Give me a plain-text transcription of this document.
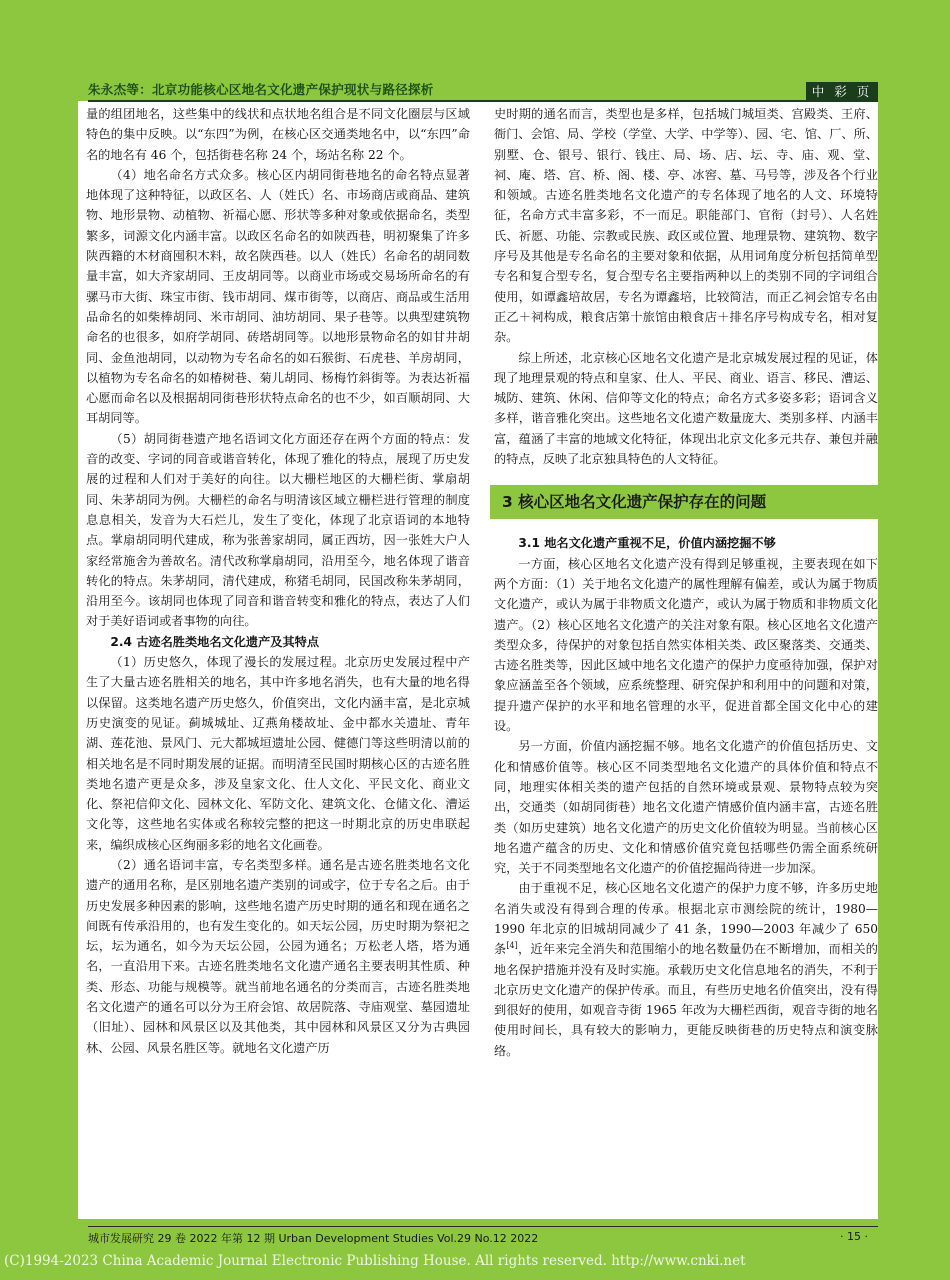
朱永杰等：北京功能核心区地名文化遗产保护现状与路径探析	中 彩 页

量的组团地名，这些集中的线状和点状地名组合是不同文化圈层与区域特色的集中反映。以“东四”为例，在核心区交通类地名中，以“东四”命名的地名有 46 个，包括街巷名称 24 个，场站名称 22 个。

（4）地名命名方式众多。核心区内胡同街巷地名的命名特点显著地体现了这种特征，以政区名、人（姓氏）名、市场商店或商品、建筑物、地形景物、动植物、祈福心愿、形状等多种对象或依据命名，类型繁多，词源文化内涵丰富。以政区名命名的如陕西巷，明初聚集了许多陕西籍的木材商囤积木料，故名陕西巷。以人（姓氏）名命名的胡同数量丰富，如大齐家胡同、王皮胡同等。以商业市场或交易场所命名的有骡马市大街、珠宝市街、钱市胡同、煤市街等，以商店、商品或生活用品命名的如柴棒胡同、米市胡同、油坊胡同、果子巷等。以典型建筑物命名的也很多，如府学胡同、砖塔胡同等。以地形景物命名的如甘井胡同、金鱼池胡同，以动物为专名命名的如石猴街、石虎巷、羊房胡同，以植物为专名命名的如椿树巷、菊儿胡同、杨梅竹斜街等。为表达祈福心愿而命名以及根据胡同街巷形状特点命名的也不少，如百顺胡同、大耳胡同等。

（5）胡同街巷遗产地名语词文化方面还存在两个方面的特点：发音的改变、字词的同音或谐音转化，体现了雅化的特点，展现了历史发展的过程和人们对于美好的向往。以大栅栏地区的大栅栏街、掌扇胡同、朱茅胡同为例。大栅栏的命名与明清该区域立栅栏进行管理的制度息息相关，发音为大石烂儿，发生了变化，体现了北京语词的本地特点。掌扇胡同明代建成，称为张善家胡同，属正西坊，因一张姓大户人家经常施舍为善故名。清代改称掌扇胡同，沿用至今，地名体现了谐音转化的特点。朱茅胡同，清代建成，称猪毛胡同，民国改称朱茅胡同，沿用至今。该胡同也体现了同音和谐音转变和雅化的特点，表达了人们对于美好语词或者事物的向往。

2.4 古迹名胜类地名文化遗产及其特点

（1）历史悠久，体现了漫长的发展过程。北京历史发展过程中产生了大量古迹名胜相关的地名，其中许多地名消失，也有大量的地名得以保留。这类地名遗产历史悠久，价值突出，文化内涵丰富，是北京城历史演变的见证。蓟城城址、辽燕角楼故址、金中都水关遗址、青年湖、莲花池、景风门、元大都城垣遗址公园、健德门等这些明清以前的相关地名是不同时期发展的证据。而明清至民国时期核心区的古迹名胜类地名遗产更是众多，涉及皇家文化、仕人文化、平民文化、商业文化、祭祀信仰文化、园林文化、军防文化、建筑文化、仓储文化、漕运文化等，这些地名实体或名称较完整的把这一时期北京的历史串联起来，编织成核心区绚丽多彩的地名文化画卷。

（2）通名语词丰富，专名类型多样。通名是古迹名胜类地名文化遗产的通用名称，是区别地名遗产类别的词或字，位于专名之后。由于历史发展多种因素的影响，这些地名遗产历史时期的通名和现在通名之间既有传承沿用的，也有发生变化的。如天坛公园，历史时期为祭祀之坛，坛为通名，如今为天坛公园，公园为通名；万松老人塔，塔为通名，一直沿用下来。古迹名胜类地名文化遗产通名主要表明其性质、种类、形态、功能与规模等。就当前地名通名的分类而言，古迹名胜类地名文化遗产的通名可以分为王府会馆、故居院落、寺庙观堂、墓园遗址（旧址）、园林和风景区以及其他类，其中园林和风景区又分为古典园林、公园、风景名胜区等。就地名文化遗产历

史时期的通名而言，类型也是多样，包括城门城垣类、宫殿类、王府、衙门、会馆、局、学校（学堂、大学、中学等）、园、宅、馆、厂、所、别墅、仓、银号、银行、钱庄、局、场、店、坛、寺、庙、观、堂、祠、庵、塔、宫、桥、阁、楼、亭、冰窖、墓、马号等，涉及各个行业和领域。古迹名胜类地名文化遗产的专名体现了地名的人文、环境特征，名命方式丰富多彩，不一而足。职能部门、官衔（封号）、人名姓氏、祈愿、功能、宗教或民族、政区或位置、地理景物、建筑物、数字序号及其他是专名命名的主要对象和依据，从用词角度分析包括简单型专名和复合型专名，复合型专名主要指两种以上的类别不同的字词组合使用，如谭鑫培故居，专名为谭鑫培，比较简洁，而正乙祠会馆专名由正乙＋祠构成，粮食店第十旅馆由粮食店＋排名序号构成专名，相对复杂。

综上所述，北京核心区地名文化遗产是北京城发展过程的见证，体现了地理景观的特点和皇家、仕人、平民、商业、语言、移民、漕运、城防、建筑、休闲、信仰等文化的特点；命名方式多姿多彩；语词含义多样，谐音雅化突出。这些地名文化遗产数量庞大、类别多样、内涵丰富，蕴涵了丰富的地域文化特征，体现出北京文化多元共存、兼包并融的特点，反映了北京独具特色的人文特征。

3 核心区地名文化遗产保护存在的问题

3.1 地名文化遗产重视不足，价值内涵挖掘不够

一方面，核心区地名文化遗产没有得到足够重视，主要表现在如下两个方面：（1）关于地名文化遗产的属性理解有偏差，或认为属于物质文化遗产，或认为属于非物质文化遗产，或认为属于物质和非物质文化遗产。（2）核心区地名文化遗产的关注对象有限。核心区地名文化遗产类型众多，待保护的对象包括自然实体相关类、政区聚落类、交通类、古迹名胜类等，因此区域中地名文化遗产的保护力度亟待加强，保护对象应涵盖至各个领域，应系统整理、研究保护和利用中的问题和对策，提升遗产保护的水平和地名管理的水平，促进首都全国文化中心的建设。

另一方面，价值内涵挖掘不够。地名文化遗产的价值包括历史、文化和情感价值等。核心区不同类型地名文化遗产的具体价值和特点不同，地理实体相关类的遗产包括的自然环境或景观、景物特点较为突出，交通类（如胡同街巷）地名文化遗产情感价值内涵丰富，古迹名胜类（如历史建筑）地名文化遗产的历史文化价值较为明显。当前核心区地名遗产蕴含的历史、文化和情感价值究竟包括哪些仍需全面系统研究，关于不同类型地名文化遗产的价值挖掘尚待进一步加深。

由于重视不足，核心区地名文化遗产的保护力度不够，许多历史地名消失或没有得到合理的传承。根据北京市测绘院的统计，1980—1990 年北京的旧城胡同减少了 41 条，1990—2003 年减少了 650 条[4]，近年来完全消失和范围缩小的地名数量仍在不断增加，而相关的地名保护措施并没有及时实施。承载历史文化信息地名的消失，不利于北京历史文化遗产的保护传承。而且，有些历史地名价值突出，没有得到很好的使用，如观音寺街 1965 年改为大栅栏西街，观音寺街的地名使用时间长，具有较大的影响力，更能反映街巷的历史特点和演变脉络。

城市发展研究 29 卷 2022 年第 12 期 Urban Development Studies Vol.29 No.12 2022	· 15 ·
(C)1994-2023 China Academic Journal Electronic Publishing House. All rights reserved. http://www.cnki.net
